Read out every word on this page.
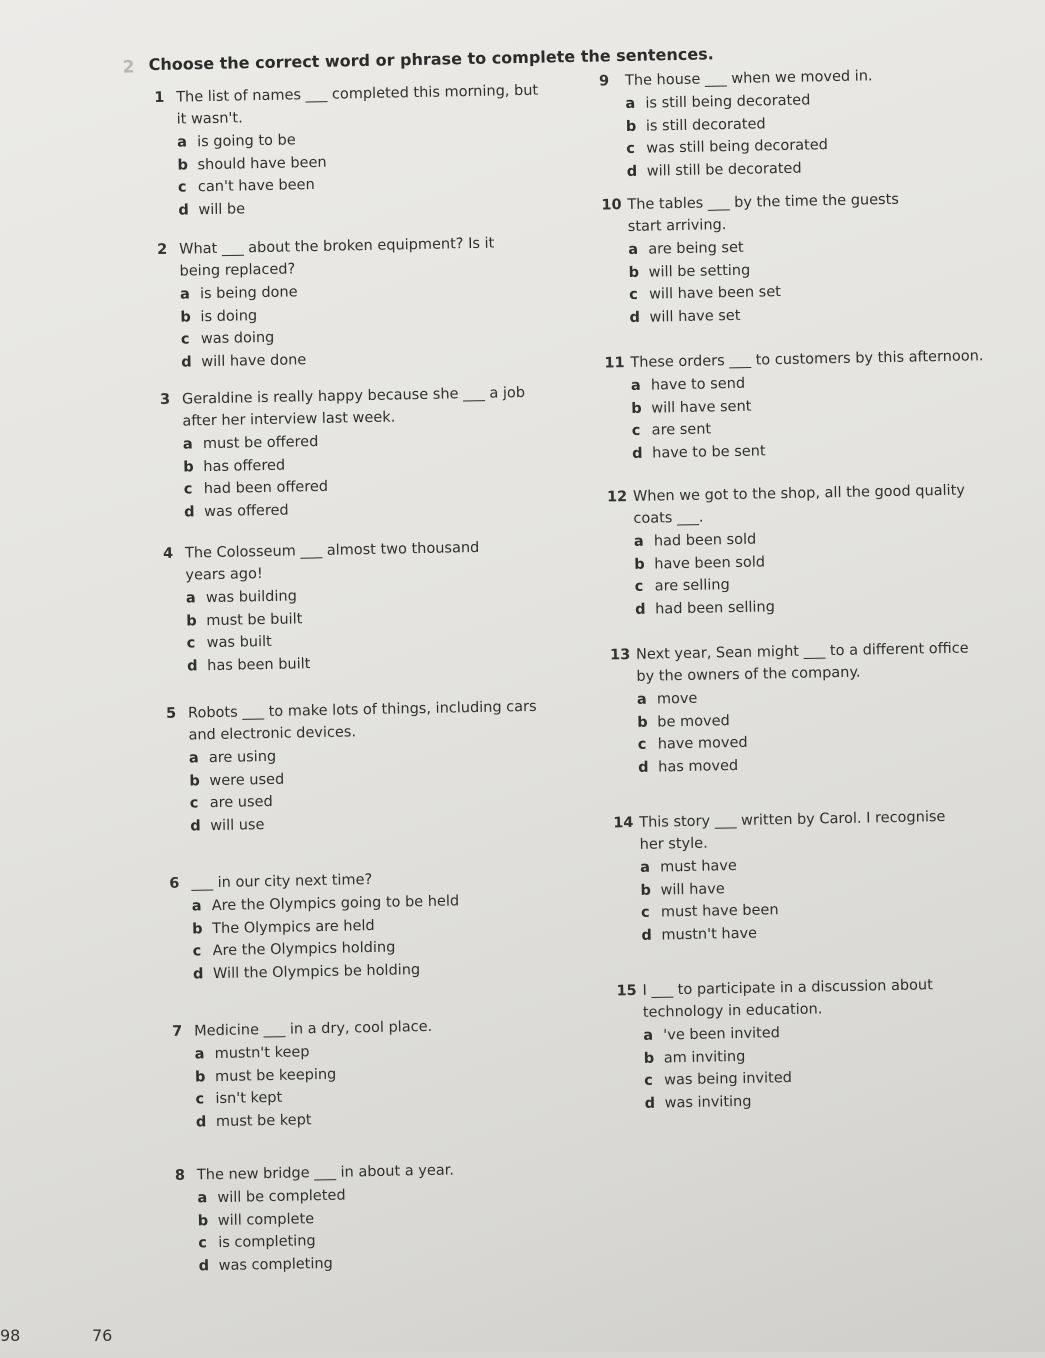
2 Choose the correct word or phrase to complete the sentences.
1 The list of names ___ completed this morning, but
it wasn't.
a is going to be
b should have been
c can't have been
d will be
2 What ___ about the broken equipment? Is it
being replaced?
a is being done
b is doing
c was doing
d will have done
3 Geraldine is really happy because she ___ a job
after her interview last week.
a must be offered
b has offered
c had been offered
d was offered
4 The Colosseum ___ almost two thousand
years ago!
a was building
b must be built
c was built
d has been built
5 Robots ___ to make lots of things, including cars
and electronic devices.
a are using
b were used
c are used
d will use
6 ___ in our city next time?
a Are the Olympics going to be held
b The Olympics are held
c Are the Olympics holding
d Will the Olympics be holding
7 Medicine ___ in a dry, cool place.
a mustn't keep
b must be keeping
c isn't kept
d must be kept
8 The new bridge ___ in about a year.
a will be completed
b will complete
c is completing
d was completing
9 The house ___ when we moved in.
a is still being decorated
b is still decorated
c was still being decorated
d will still be decorated
10 The tables ___ by the time the guests
start arriving.
a are being set
b will be setting
c will have been set
d will have set
11 These orders ___ to customers by this afternoon.
a have to send
b will have sent
c are sent
d have to be sent
12 When we got to the shop, all the good quality
coats ___.
a had been sold
b have been sold
c are selling
d had been selling
13 Next year, Sean might ___ to a different office
by the owners of the company.
a move
b be moved
c have moved
d has moved
14 This story ___ written by Carol. I recognise
her style.
a must have
b will have
c must have been
d mustn't have
15 I ___ to participate in a discussion about
technology in education.
a 've been invited
b am inviting
c was being invited
d was inviting
98	76
